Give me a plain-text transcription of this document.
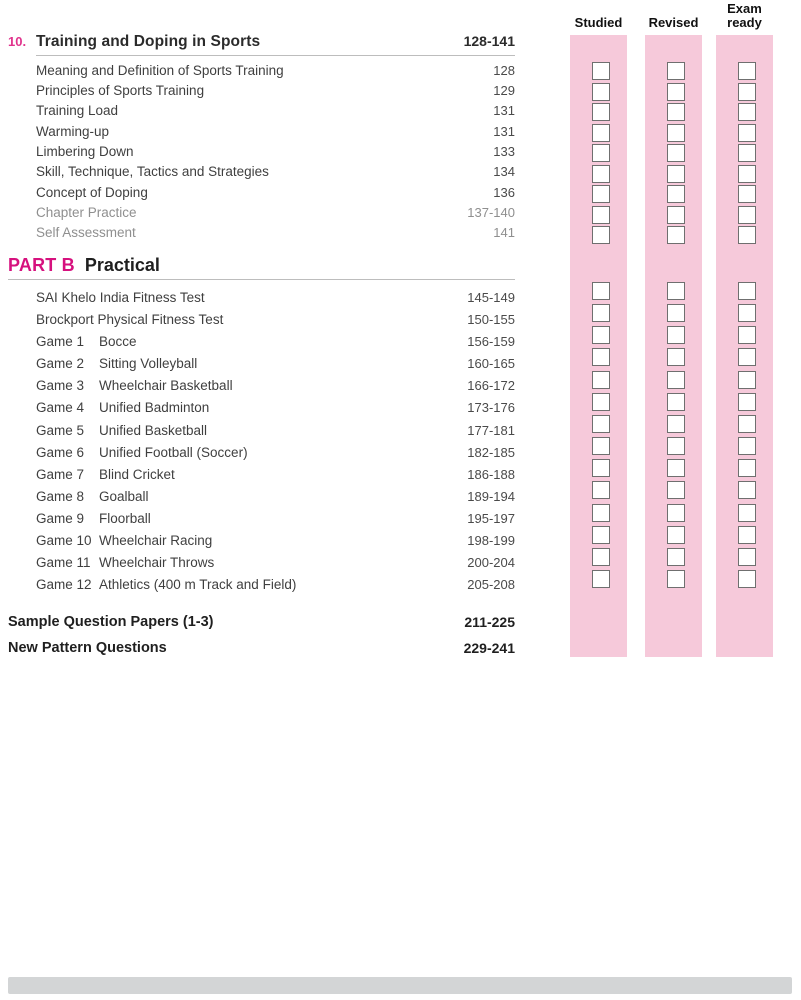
10. Training and Doping in Sports	128-141
Meaning and Definition of Sports Training	128
Principles of Sports Training	129
Training Load	131
Warming-up	131
Limbering Down	133
Skill, Technique, Tactics and Strategies	134
Concept of Doping	136
Chapter Practice	137-140
Self Assessment	141
PART B Practical
SAI Khelo India Fitness Test	145-149
Brockport Physical Fitness Test	150-155
Game 1	Bocce	156-159
Game 2	Sitting Volleyball	160-165
Game 3	Wheelchair Basketball	166-172
Game 4	Unified Badminton	173-176
Game 5	Unified Basketball	177-181
Game 6	Unified Football (Soccer)	182-185
Game 7	Blind Cricket	186-188
Game 8	Goalball	189-194
Game 9	Floorball	195-197
Game 10 Wheelchair Racing	198-199
Game 11 Wheelchair Throws	200-204
Game 12 Athletics (400 m Track and Field)	205-208
Sample Question Papers (1-3)	211-225
New Pattern Questions	229-241
Studied	Revised
Exam ready
